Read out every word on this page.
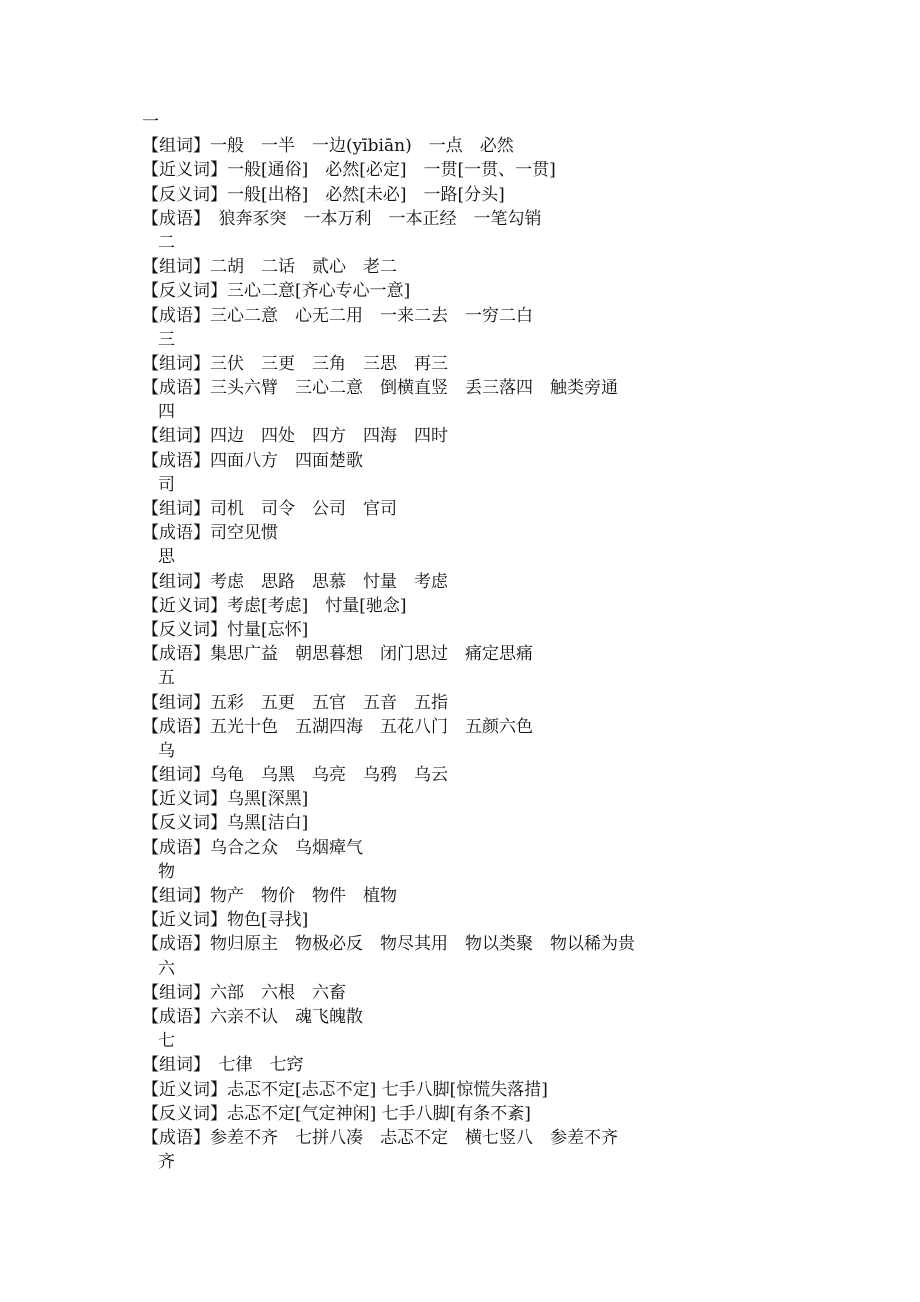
一
【组词】一般　一半　一边(yībiān)　一点　必然
【近义词】一般[通俗]　必然[必定]　一贯[一贯、一贯]
【反义词】一般[出格]　必然[未必]　一路[分头]
【成语】　狼奔豕突　一本万利　一本正经　一笔勾销
二
【组词】二胡　二话　贰心　老二
【反义词】三心二意[齐心专心一意]
【成语】三心二意　心无二用　一来二去　一穷二白
三
【组词】三伏　三更　三角　三思　再三
【成语】三头六臂　三心二意　倒横直竖　丢三落四　触类旁通
四
【组词】四边　四处　四方　四海　四时
【成语】四面八方　四面楚歌
司
【组词】司机　司令　公司　官司
【成语】司空见惯
思
【组词】考虑　思路　思慕　忖量　考虑
【近义词】考虑[考虑]　忖量[驰念]
【反义词】忖量[忘怀]
【成语】集思广益　朝思暮想　闭门思过　痛定思痛
五
【组词】五彩　五更　五官　五音　五指
【成语】五光十色　五湖四海　五花八门　五颜六色
乌
【组词】乌龟　乌黑　乌亮　乌鸦　乌云
【近义词】乌黑[深黑]
【反义词】乌黑[洁白]
【成语】乌合之众　乌烟瘴气
物
【组词】物产　物价　物件　植物
【近义词】物色[寻找]
【成语】物归原主　物极必反　物尽其用　物以类聚　物以稀为贵
六
【组词】六部　六根　六畜
【成语】六亲不认　魂飞魄散
七
【组词】　七律　七窍
【近义词】忐忑不定[忐忑不定] 七手八脚[惊慌失落措]
【反义词】忐忑不定[气定神闲] 七手八脚[有条不紊]
【成语】参差不齐　七拼八凑　忐忑不定　横七竖八　参差不齐
齐
